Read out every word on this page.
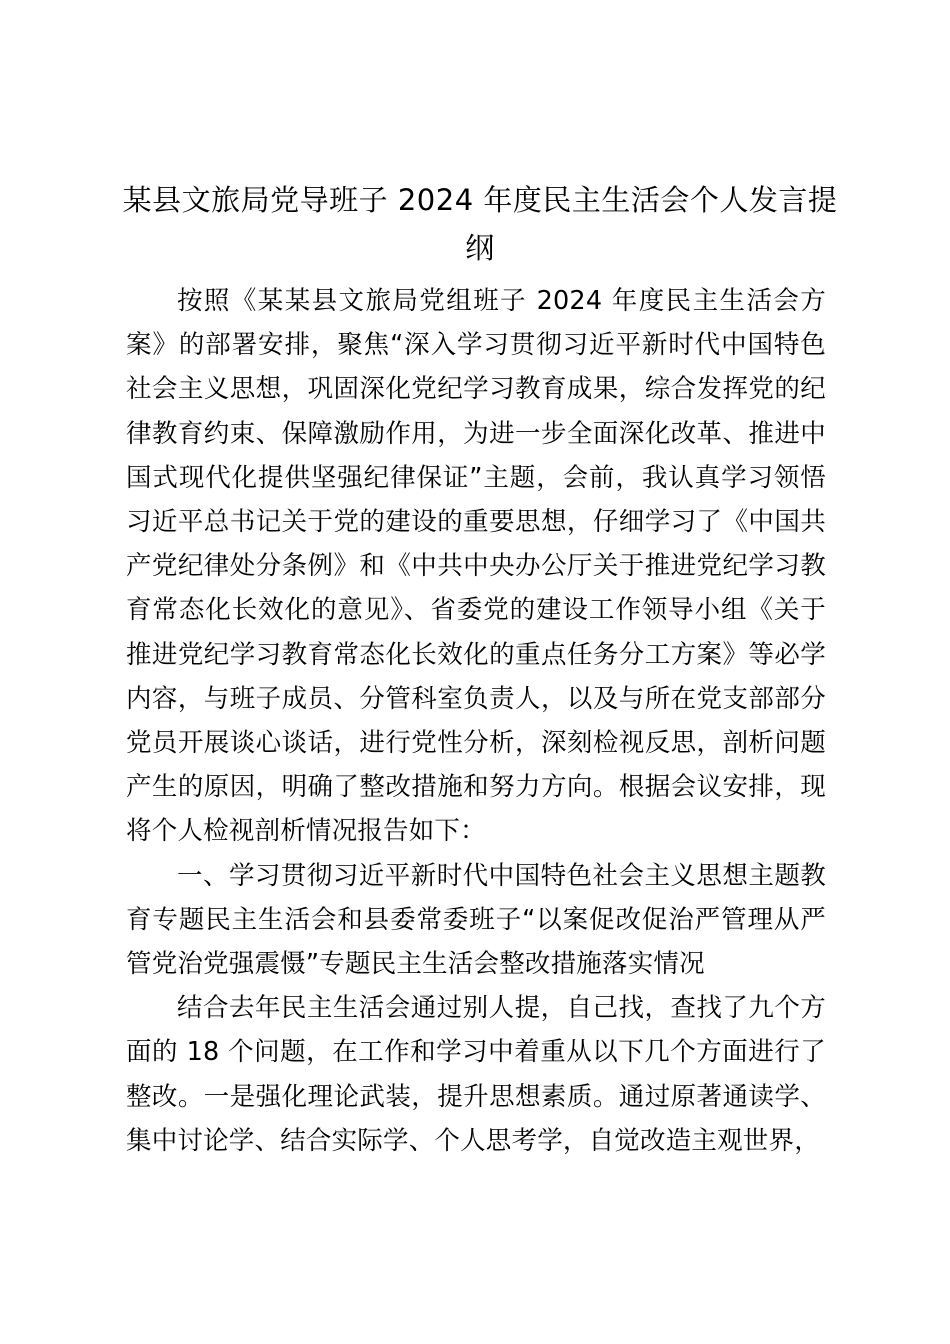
某县文旅局党导班子 2024 年度民主生活会个人发言提纲

按照《某某县文旅局党组班子 2024 年度民主生活会方案》的部署安排，聚焦“深入学习贯彻习近平新时代中国特色社会主义思想，巩固深化党纪学习教育成果，综合发挥党的纪律教育约束、保障激励作用，为进一步全面深化改革、推进中国式现代化提供坚强纪律保证”主题，会前，我认真学习领悟习近平总书记关于党的建设的重要思想，仔细学习了《中国共产党纪律处分条例》和《中共中央办公厅关于推进党纪学习教育常态化长效化的意见》、省委党的建设工作领导小组《关于推进党纪学习教育常态化长效化的重点任务分工方案》等必学内容，与班子成员、分管科室负责人，以及与所在党支部部分党员开展谈心谈话，进行党性分析，深刻检视反思，剖析问题产生的原因，明确了整改措施和努力方向。根据会议安排，现将个人检视剖析情况报告如下：

一、学习贯彻习近平新时代中国特色社会主义思想主题教育专题民主生活会和县委常委班子“以案促改促治严管理从严管党治党强震慑”专题民主生活会整改措施落实情况

结合去年民主生活会通过别人提，自己找，查找了九个方面的 18 个问题，在工作和学习中着重从以下几个方面进行了整改。一是强化理论武装，提升思想素质。通过原著通读学、集中讨论学、结合实际学、个人思考学，自觉改造主观世界，
